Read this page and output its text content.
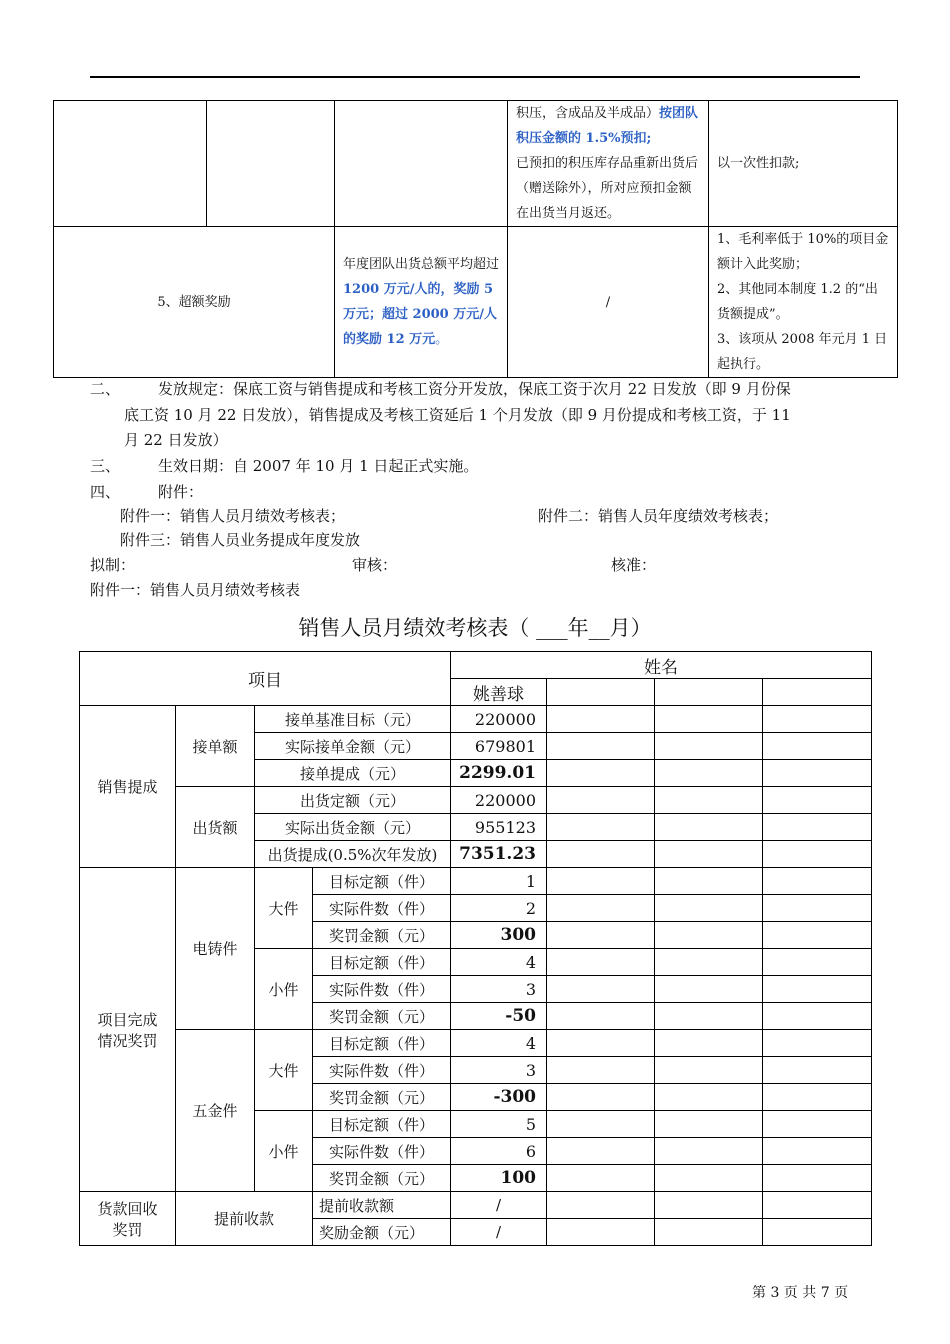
			积压，含成品及半成品）按团队积压金额的 1.5%预扣;
已预扣的积压库存品重新出货后（赠送除外），所对应预扣金额在出货当月返还。	以一次性扣款;
5、超额奖励		年度团队出货总额平均超过 1200 万元/人的，奖励 5 万元；超过 2000 万元/人的奖励 12 万元。	/	1、毛利率低于 10%的项目金额计入此奖励；
2、其他同本制度 1.2 的“出货额提成”。
3、该项从 2008 年元月 1 日起执行。
二、	发放规定：保底工资与销售提成和考核工资分开发放，保底工资于次月 22 日发放（即 9 月份保
底工资 10 月 22 日发放），销售提成及考核工资延后 1 个月发放（即 9 月份提成和考核工资，于 11
月 22 日发放）
三、	生效日期：自 2007 年 10 月 1 日起正式实施。
四、	附件：
附件一：销售人员月绩效考核表；	附件二：销售人员年度绩效考核表；
附件三：销售人员业务提成年度发放
拟制：	审核：	核准：
附件一：销售人员月绩效考核表
销售人员月绩效考核表（ ___年__月）
项目				姓名			
				姚善球			
销售提成	接单额	接单基准目标（元）		220000			
		实际接单金额（元）		679801			
		接单提成（元）		2299.01			
	出货额	出货定额（元）		220000			
		实际出货金额（元）		955123			
		出货提成(0.5%次年发放)		7351.23			

项目完成
情况奖罚	电铸件	大件	目标定额（件）	1			
			实际件数（件）	2			
			奖罚金额（元）	300			
		小件	目标定额（件）	4			
			实际件数（件）	3			
			奖罚金额（元）	-50			
	五金件	大件	目标定额（件）	4			
			实际件数（件）	3			
			奖罚金额（元）	-300			
		小件	目标定额（件）	5			
			实际件数（件）	6			
			奖罚金额（元）	100			

货款回收
奖罚	提前收款		提前收款额	/			
			奖励金额（元）	/			
第 3 页 共 7 页
